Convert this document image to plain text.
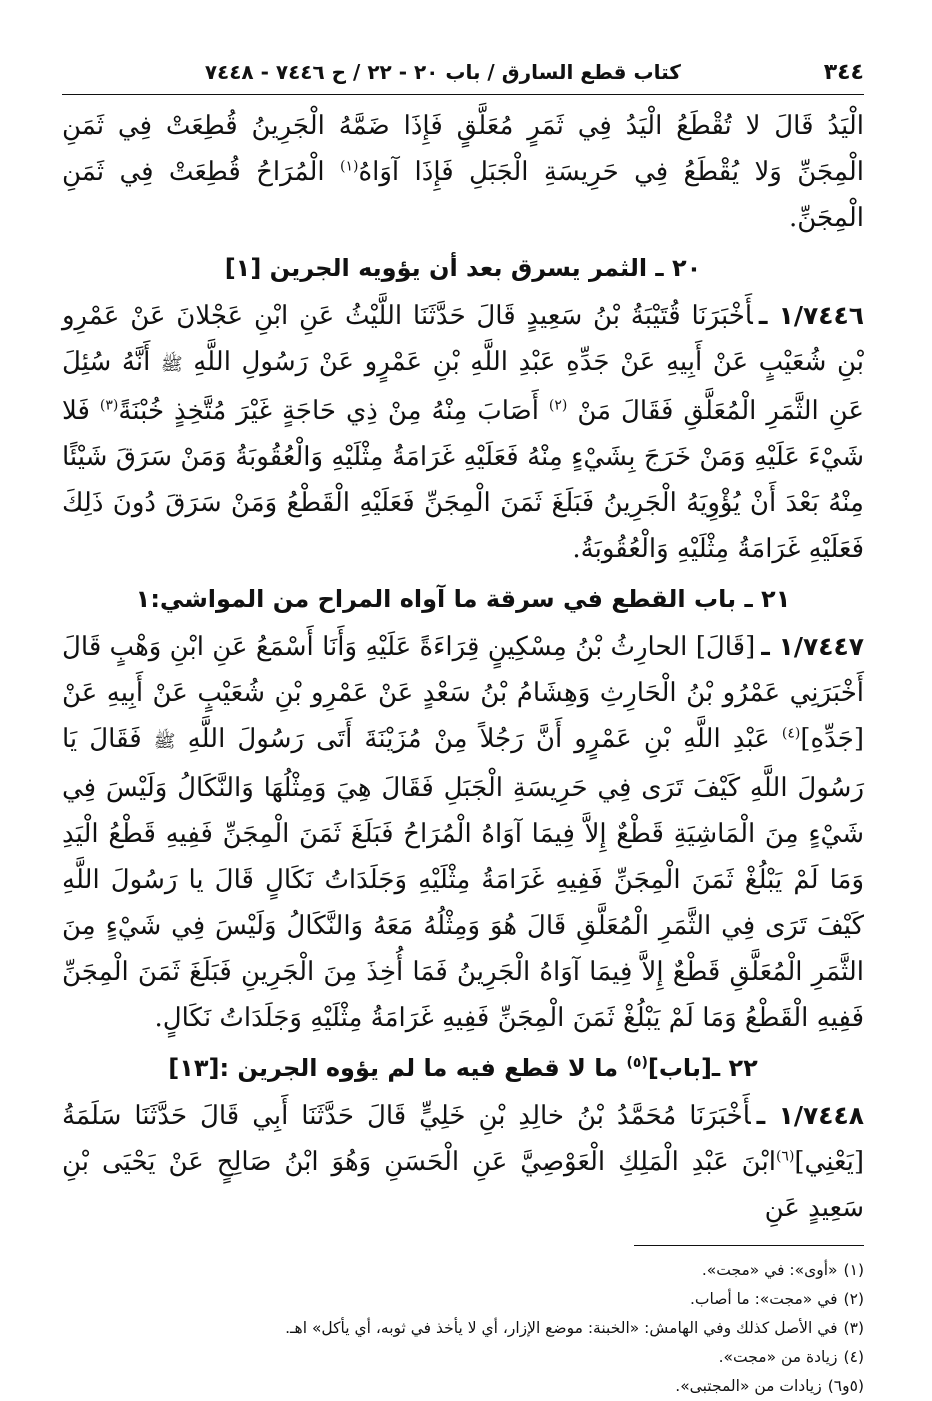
٣٤٤
كتاب قطع السارق / باب ٢٠ - ٢٢ / ح ٧٤٤٦ - ٧٤٤٨

الْيَدُ قَالَ لا تُقْطَعُ الْيَدُ فِي ثَمَرٍ مُعَلَّقٍ فَإِذَا ضَمَّهُ الْجَرِينُ قُطِعَتْ فِي ثَمَنِ الْمِجَنِّ وَلا يُقْطَعُ فِي حَرِيسَةِ الْجَبَلِ فَإِذَا آوَاهُ$^{(١)}$ الْمُرَاحُ قُطِعَتْ فِي ثَمَنِ الْمِجَنِّ.

٢٠ ـ الثمر يسرق بعد أن يؤويه الجرين [١]

١/٧٤٤٦ ـأَخْبَرَنَا قُتَيْبَةُ بْنُ سَعِيدٍ قَالَ حَدَّثَنَا اللَّيْثُ عَنِ ابْنِ عَجْلانَ عَنْ عَمْرِو بْنِ شُعَيْبٍ عَنْ أَبِيهِ عَنْ جَدِّهِ عَبْدِ اللَّهِ بْنِ عَمْرٍو عَنْ رَسُولِ اللَّهِ ﷺ أَنَّهُ سُئِلَ عَنِ الثَّمَرِ الْمُعَلَّقِ فَقَالَ مَنْ $^{(٢)}$ أَصَابَ مِنْهُ مِنْ ذِي حَاجَةٍ غَيْرَ مُتَّخِذٍ خُبْنَةً$^{(٣)}$ فَلا شَيْءَ عَلَيْهِ وَمَنْ خَرَجَ بِشَيْءٍ مِنْهُ فَعَلَيْهِ غَرَامَةُ مِثْلَيْهِ وَالْعُقُوبَةُ وَمَنْ سَرَقَ شَيْئًا مِنْهُ بَعْدَ أَنْ يُؤْوِيَهُ الْجَرِينُ فَبَلَغَ ثَمَنَ الْمِجَنِّ فَعَلَيْهِ الْقَطْعُ وَمَنْ سَرَقَ دُونَ ذَلِكَ فَعَلَيْهِ غَرَامَةُ مِثْلَيْهِ وَالْعُقُوبَةُ.

٢١ ـ باب القطع في سرقة ما آواه المراح من المواشي:١

١/٧٤٤٧ ـ[قَالَ] الحارِثُ بْنُ مِسْكِينٍ قِرَاءَةً عَلَيْهِ وَأَنَا أَسْمَعُ عَنِ ابْنِ وَهْبٍ قَالَ أَخْبَرَنِي عَمْرُو بْنُ الْحَارِثِ وَهِشَامُ بْنُ سَعْدٍ عَنْ عَمْرِو بْنِ شُعَيْبٍ عَنْ أَبِيهِ عَنْ [جَدِّهِ]$^{(٤)}$ عَبْدِ اللَّهِ بْنِ عَمْرٍو أَنَّ رَجُلاً مِنْ مُزَيْنَةَ أَتَى رَسُولَ اللَّهِ ﷺ فَقَالَ يَا رَسُولَ اللَّهِ كَيْفَ تَرَى فِي حَرِيسَةِ الْجَبَلِ فَقَالَ هِيَ وَمِثْلُهَا وَالنَّكَالُ وَلَيْسَ فِي شَيْءٍ مِنَ الْمَاشِيَةِ قَطْعٌ إِلاَّ فِيمَا آوَاهُ الْمُرَاحُ فَبَلَغَ ثَمَنَ الْمِجَنِّ فَفِيهِ قَطْعُ الْيَدِ وَمَا لَمْ يَبْلُغْ ثَمَنَ الْمِجَنِّ فَفِيهِ غَرَامَةُ مِثْلَيْهِ وَجَلَدَاتُ نَكَالٍ قَالَ يا رَسُولَ اللَّهِ كَيْفَ تَرَى فِي الثَّمَرِ الْمُعَلَّقِ قَالَ هُوَ وَمِثْلُهُ مَعَهُ وَالنَّكَالُ وَلَيْسَ فِي شَيْءٍ مِنَ الثَّمَرِ الْمُعَلَّقِ قَطْعٌ إِلاَّ فِيمَا آوَاهُ الْجَرِينُ فَمَا أُخِذَ مِنَ الْجَرِينِ فَبَلَغَ ثَمَنَ الْمِجَنِّ فَفِيهِ الْقَطْعُ وَمَا لَمْ يَبْلُغْ ثَمَنَ الْمِجَنِّ فَفِيهِ غَرَامَةُ مِثْلَيْهِ وَجَلَدَاتُ نَكَالٍ.

٢٢ ـ[باب]$^{(٥)}$ ما لا قطع فيه ما لم يؤوه الجرين :[١٣]

١/٧٤٤٨ ـأَخْبَرَنَا مُحَمَّدُ بْنُ خالِدِ بْنِ خَلِيٍّ قَالَ حَدَّثَنَا أَبِي قَالَ حَدَّثَنَا سَلَمَةُ [يَعْنِي]$^{(٦)}$ابْنَ عَبْدِ الْمَلِكِ الْعَوْصِيَّ عَنِ الْحَسَنِ وَهُوَ ابْنُ صَالِحٍ عَنْ يَحْيَى بْنِ سَعِيدٍ عَنِ

(١)«أوى»: في «مجت».
(٢)في «مجت»: ما أصاب.
(٣)في الأصل كذلك وفي الهامش: «الخبنة: موضع الإزار، أي لا يأخذ في ثوبه، أي يأكل» اهـ.
(٤)زيادة من «مجت».
(٥و٦)زيادات من «المجتبى».
